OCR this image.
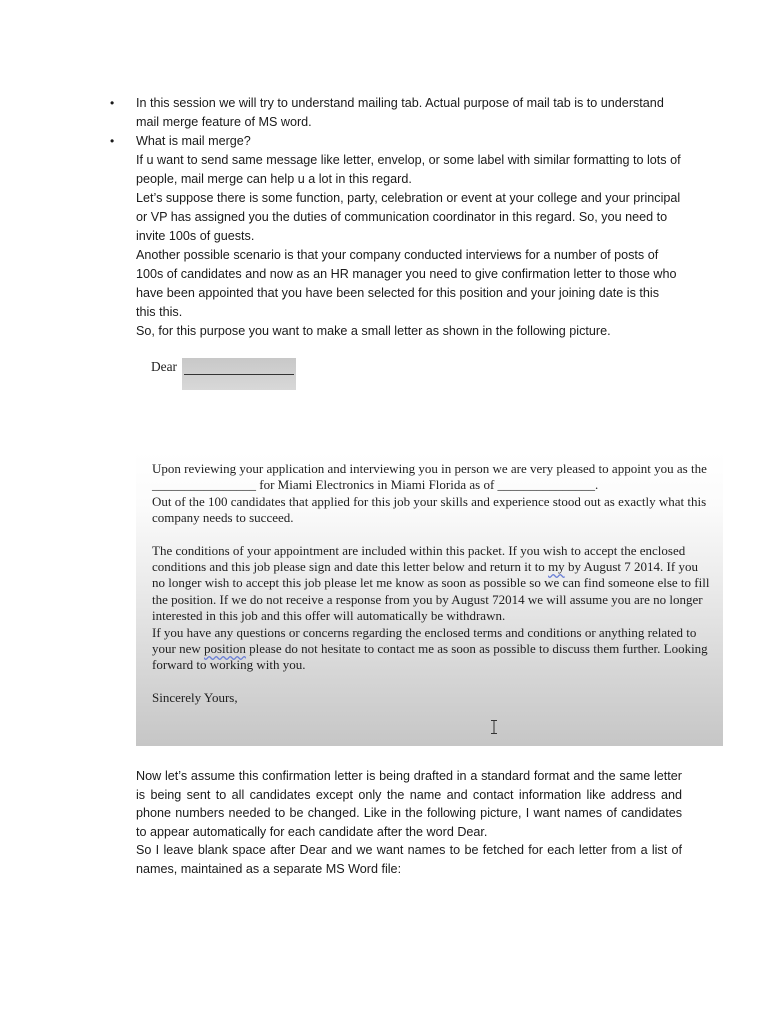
•	In this session we will try to understand mailing tab. Actual purpose of mail tab is to understand mail merge feature of MS word.
•	What is mail merge?
If u want to send same message like letter, envelop, or some label with similar formatting to lots of people, mail merge can help u a lot in this regard.
Let’s suppose there is some function, party, celebration or event at your college and your principal or VP has assigned you the duties of communication coordinator in this regard. So, you need to invite 100s of guests.
Another possible scenario is that your company conducted interviews for a number of posts of 100s of candidates and now as an HR manager you need to give confirmation letter to those who have been appointed that you have been selected for this position and your joining date is this this this.
So, for this purpose you want to make a small letter as shown in the following picture.
Dear

Upon reviewing your application and interviewing you in person we are very pleased to appoint you as the ________________ for Miami Electronics in Miami Florida as of _______________.

Out of the 100 candidates that applied for this job your skills and experience stood out as exactly what this company needs to succeed.

The conditions of your appointment are included within this packet. If you wish to accept the enclosed conditions and this job please sign and date this letter below and return it to my by August 7 2014. If you no longer wish to accept this job please let me know as soon as possible so we can find someone else to fill the position. If we do not receive a response from you by August 72014 we will assume you are no longer interested in this job and this offer will automatically be withdrawn.

If you have any questions or concerns regarding the enclosed terms and conditions or anything related to your new position please do not hesitate to contact me as soon as possible to discuss them further. Looking forward to working with you.

Sincerely Yours,

Now let’s assume this confirmation letter is being drafted in a standard format and the same letter is being sent to all candidates except only the name and contact information like address and phone numbers needed to be changed. Like in the following picture, I want names of candidates to appear automatically for each candidate after the word Dear.
So I leave blank space after Dear and we want names to be fetched for each letter from a list of names, maintained as a separate MS Word file:
